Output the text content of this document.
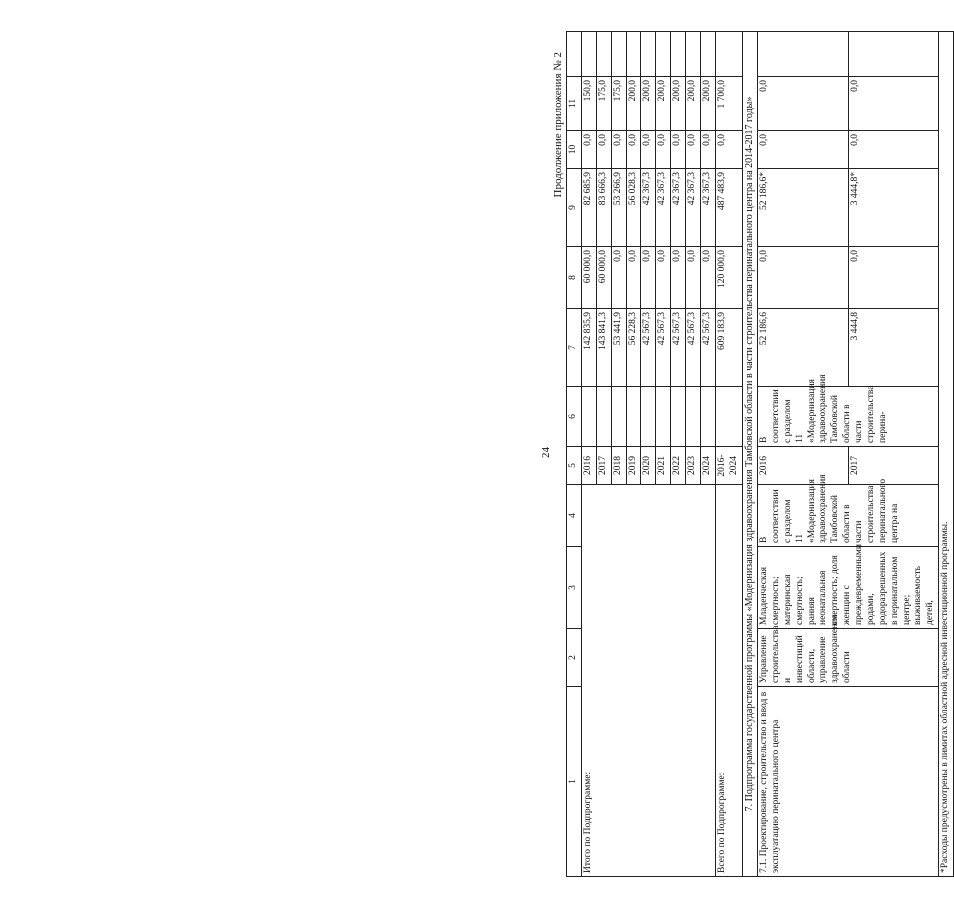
24
Продолжение приложения № 2
1	2	3	4	5	6	7	8	9	10	11	
Итого по Подпрограмме:				2016		142 835,9	60 000,0	82 685,9	0,0	150,0	
				2017		143 841,3	60 000,0	83 666,3	0,0	175,0	
				2018		53 441,9	0,0	53 266,9	0,0	175,0	
				2019		56 228,3	0,0	56 028,3	0,0	200,0	
				2020		42 567,3	0,0	42 367,3	0,0	200,0	
				2021		42 567,3	0,0	42 367,3	0,0	200,0	
				2022		42 567,3	0,0	42 367,3	0,0	200,0	
				2023		42 567,3	0,0	42 367,3	0,0	200,0	
				2024		42 567,3	0,0	42 367,3	0,0	200,0	
Всего по Подпрограмме:				2016-2024		609 183,9	120 000,0	487 483,9	0,0	1 700,0	
7. Подпрограмма государственной программы «Модернизация здравоохранения Тамбовской области в части строительства перинатального центра на 2014-2017 годы»											
7.1. Проектирование, строительство и ввод в эксплуатацию перинатального центра	Управление строительства и инвестиций области, управление здравоохранения области	Младенческая смертность; материнская смертность; ранняя неонатальная смертность; доля женщин с преждевременными родами, родоразрешенных в перинатальном центре; выживаемость детей,	В соответствии с разделом 11 «Модернизация здравоохранения Тамбовской области в части строительства перинатального центра на	2016	В соответствии с разделом 11 «Модернизация здравоохранения Тамбовской области в части строительства перина-	52 186,6	0,0	52 186,6*	0,0	0,0	
				2017		3 444,8	0,0	3 444,8*	0,0	0,0	
*Расходы предусмотрены в лимитах областной адресной инвестиционной программы.											
